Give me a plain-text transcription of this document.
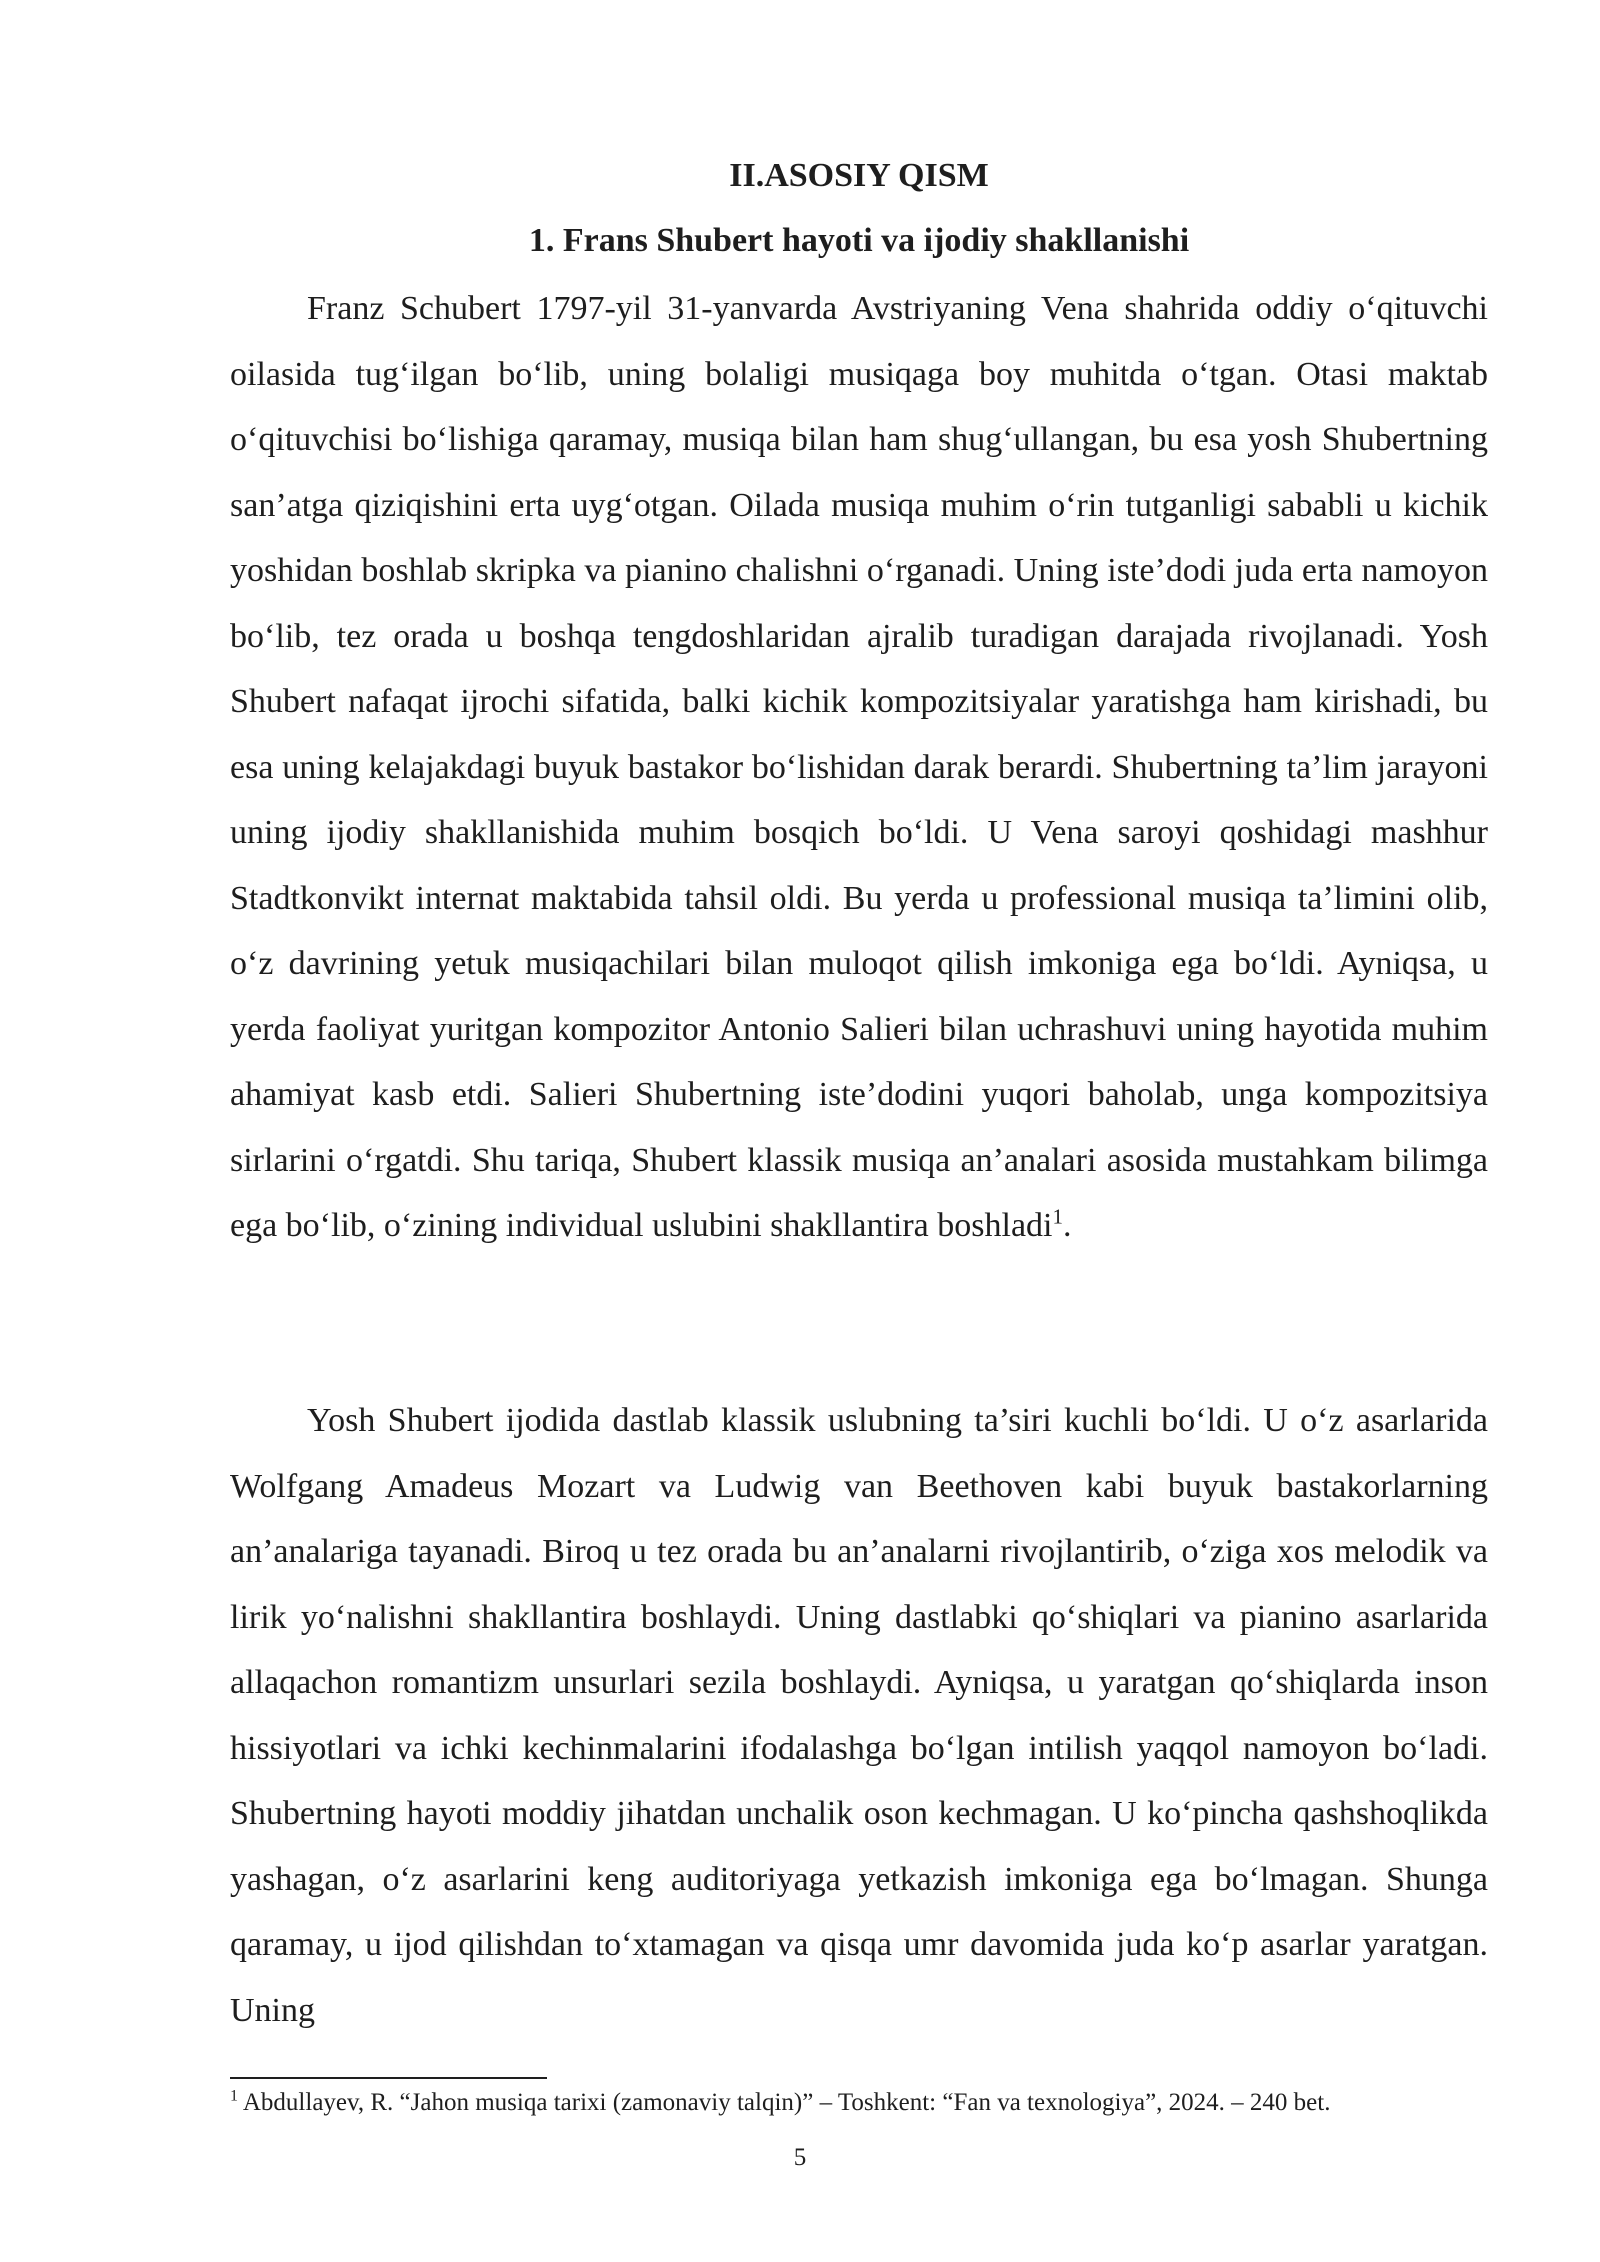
II.ASOSIY QISM
1. Frans Shubert hayoti va ijodiy shakllanishi

Franz Schubert 1797-yil 31-yanvarda Avstriyaning Vena shahrida oddiy o‘qituvchi oilasida tug‘ilgan bo‘lib, uning bolaligi musiqaga boy muhitda o‘tgan. Otasi maktab o‘qituvchisi bo‘lishiga qaramay, musiqa bilan ham shug‘ullangan, bu esa yosh Shubertning san’atga qiziqishini erta uyg‘otgan. Oilada musiqa muhim o‘rin tutganligi sababli u kichik yoshidan boshlab skripka va pianino chalishni o‘rganadi. Uning iste’dodi juda erta namoyon bo‘lib, tez orada u boshqa tengdoshlaridan ajralib turadigan darajada rivojlanadi. Yosh Shubert nafaqat ijrochi sifatida, balki kichik kompozitsiyalar yaratishga ham kirishadi, bu esa uning kelajakdagi buyuk bastakor bo‘lishidan darak berardi. Shubertning ta’lim jarayoni uning ijodiy shakllanishida muhim bosqich bo‘ldi. U Vena saroyi qoshidagi mashhur Stadtkonvikt internat maktabida tahsil oldi. Bu yerda u professional musiqa ta’limini olib, o‘z davrining yetuk musiqachilari bilan muloqot qilish imkoniga ega bo‘ldi. Ayniqsa, u yerda faoliyat yuritgan kompozitor Antonio Salieri bilan uchrashuvi uning hayotida muhim ahamiyat kasb etdi. Salieri Shubertning iste’dodini yuqori baholab, unga kompozitsiya sirlarini o‘rgatdi. Shu tariqa, Shubert klassik musiqa an’analari asosida mustahkam bilimga ega bo‘lib, o‘zining individual uslubini shakllantira boshladi$^1$.

Yosh Shubert ijodida dastlab klassik uslubning ta’siri kuchli bo‘ldi. U o‘z asarlarida Wolfgang Amadeus Mozart va Ludwig van Beethoven kabi buyuk bastakorlarning an’analariga tayanadi. Biroq u tez orada bu an’analarni rivojlantirib, o‘ziga xos melodik va lirik yo‘nalishni shakllantira boshlaydi. Uning dastlabki qo‘shiqlari va pianino asarlarida allaqachon romantizm unsurlari sezila boshlaydi. Ayniqsa, u yaratgan qo‘shiqlarda inson hissiyotlari va ichki kechinmalarini ifodalashga bo‘lgan intilish yaqqol namoyon bo‘ladi. Shubertning hayoti moddiy jihatdan unchalik oson kechmagan. U ko‘pincha qashshoqlikda yashagan, o‘z asarlarini keng auditoriyaga yetkazish imkoniga ega bo‘lmagan. Shunga qaramay, u ijod qilishdan to‘xtamagan va qisqa umr davomida juda ko‘p asarlar yaratgan. Uning

$^1$ Abdullayev, R. “Jahon musiqa tarixi (zamonaviy talqin)” – Toshkent: “Fan va texnologiya”, 2024. – 240 bet.

5
